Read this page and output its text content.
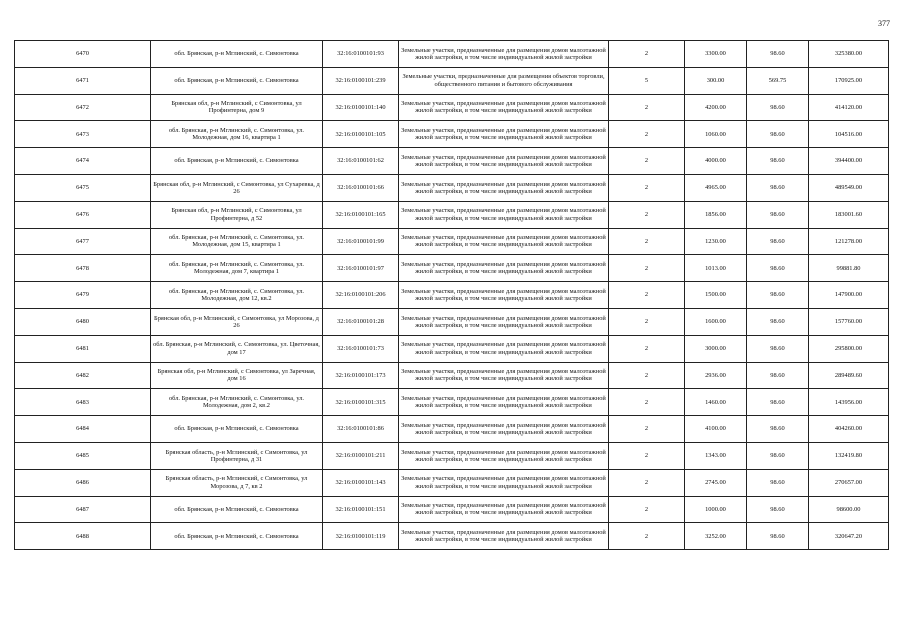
377
6470	обл. Брянская, р-н Мглинский, с. Симонтовка	32:16:0100101:93	Земельные участки, предназначенные для размещения домов малоэтажной жилой застройки, в том числе индивидуальной жилой застройки	2	3300.00	98.60	325380.00
6471	обл. Брянская, р-н Мглинский, с. Симонтовка	32:16:0100101:239	Земельные участки, предназначенные для размещения объектов торговли, общественного питания и бытового обслуживания	5	300.00	569.75	170925.00
6472	Брянская обл, р-н Мглинский, с Симонтовка, ул Профинтерна, дом 9	32:16:0100101:140	Земельные участки, предназначенные для размещения домов малоэтажной жилой застройки, в том числе индивидуальной жилой застройки	2	4200.00	98.60	414120.00
6473	обл. Брянская, р-н Мглинский, с. Симонтовка, ул. Молодежная, дом 16, квартира 1	32:16:0100101:105	Земельные участки, предназначенные для размещения домов малоэтажной жилой застройки, в том числе индивидуальной жилой застройки	2	1060.00	98.60	104516.00
6474	обл. Брянская, р-н Мглинский, с. Симонтовка	32:16:0100101:62	Земельные участки, предназначенные для размещения домов малоэтажной жилой застройки, в том числе индивидуальной жилой застройки	2	4000.00	98.60	394400.00
6475	Брянская обл, р-н Мглинский, с Симонтовка, ул Сухаревка, д 26	32:16:0100101:66	Земельные участки, предназначенные для размещения домов малоэтажной жилой застройки, в том числе индивидуальной жилой застройки	2	4965.00	98.60	489549.00
6476	Брянская обл, р-н Мглинский, с Симонтовка, ул Профинтерна, д 52	32:16:0100101:165	Земельные участки, предназначенные для размещения домов малоэтажной жилой застройки, в том числе индивидуальной жилой застройки	2	1856.00	98.60	183001.60
6477	обл. Брянская, р-н Мглинский, с. Симонтовка, ул. Молодежная, дом 15, квартира 1	32:16:0100101:99	Земельные участки, предназначенные для размещения домов малоэтажной жилой застройки, в том числе индивидуальной жилой застройки	2	1230.00	98.60	121278.00
6478	обл. Брянская, р-н Мглинский, с. Симонтовка, ул. Молодежная, дом 7, квартира 1	32:16:0100101:97	Земельные участки, предназначенные для размещения домов малоэтажной жилой застройки, в том числе индивидуальной жилой застройки	2	1013.00	98.60	99881.80
6479	обл. Брянская, р-н Мглинский, с. Симонтовка, ул. Молодежная, дом 12, кв.2	32:16:0100101:206	Земельные участки, предназначенные для размещения домов малоэтажной жилой застройки, в том числе индивидуальной жилой застройки	2	1500.00	98.60	147900.00
6480	Брянская обл, р-н Мглинский, с Симонтовка, ул Морозова, д 26	32:16:0100101:28	Земельные участки, предназначенные для размещения домов малоэтажной жилой застройки, в том числе индивидуальной жилой застройки	2	1600.00	98.60	157760.00
6481	обл. Брянская, р-н Мглинский, с. Симонтовка, ул. Цветочная, дом 17	32:16:0100101:73	Земельные участки, предназначенные для размещения домов малоэтажной жилой застройки, в том числе индивидуальной жилой застройки	2	3000.00	98.60	295800.00
6482	Брянская обл, р-н Мглинский, с Симонтовка, ул Заречная, дом 16	32:16:0100101:173	Земельные участки, предназначенные для размещения домов малоэтажной жилой застройки, в том числе индивидуальной жилой застройки	2	2936.00	98.60	289489.60
6483	обл. Брянская, р-н Мглинский, с. Симонтовка, ул. Молодежная, дом 2, кв.2	32:16:0100101:315	Земельные участки, предназначенные для размещения домов малоэтажной жилой застройки, в том числе индивидуальной жилой застройки	2	1460.00	98.60	143956.00
6484	обл. Брянская, р-н Мглинский, с. Симонтовка	32:16:0100101:86	Земельные участки, предназначенные для размещения домов малоэтажной жилой застройки, в том числе индивидуальной жилой застройки	2	4100.00	98.60	404260.00
6485	Брянская область, р-н Мглинский, с Симонтовка, ул Профинтерна, д 31	32:16:0100101:211	Земельные участки, предназначенные для размещения домов малоэтажной жилой застройки, в том числе индивидуальной жилой застройки	2	1343.00	98.60	132419.80
6486	Брянская область, р-н Мглинский, с Симонтовка, ул Морозова, д 7, кв 2	32:16:0100101:143	Земельные участки, предназначенные для размещения домов малоэтажной жилой застройки, в том числе индивидуальной жилой застройки	2	2745.00	98.60	270657.00
6487	обл. Брянская, р-н Мглинский, с. Симонтовка	32:16:0100101:151	Земельные участки, предназначенные для размещения домов малоэтажной жилой застройки, в том числе индивидуальной жилой застройки	2	1000.00	98.60	98600.00
6488	обл. Брянская, р-н Мглинский, с. Симонтовка	32:16:0100101:119	Земельные участки, предназначенные для размещения домов малоэтажной жилой застройки, в том числе индивидуальной жилой застройки	2	3252.00	98.60	320647.20
